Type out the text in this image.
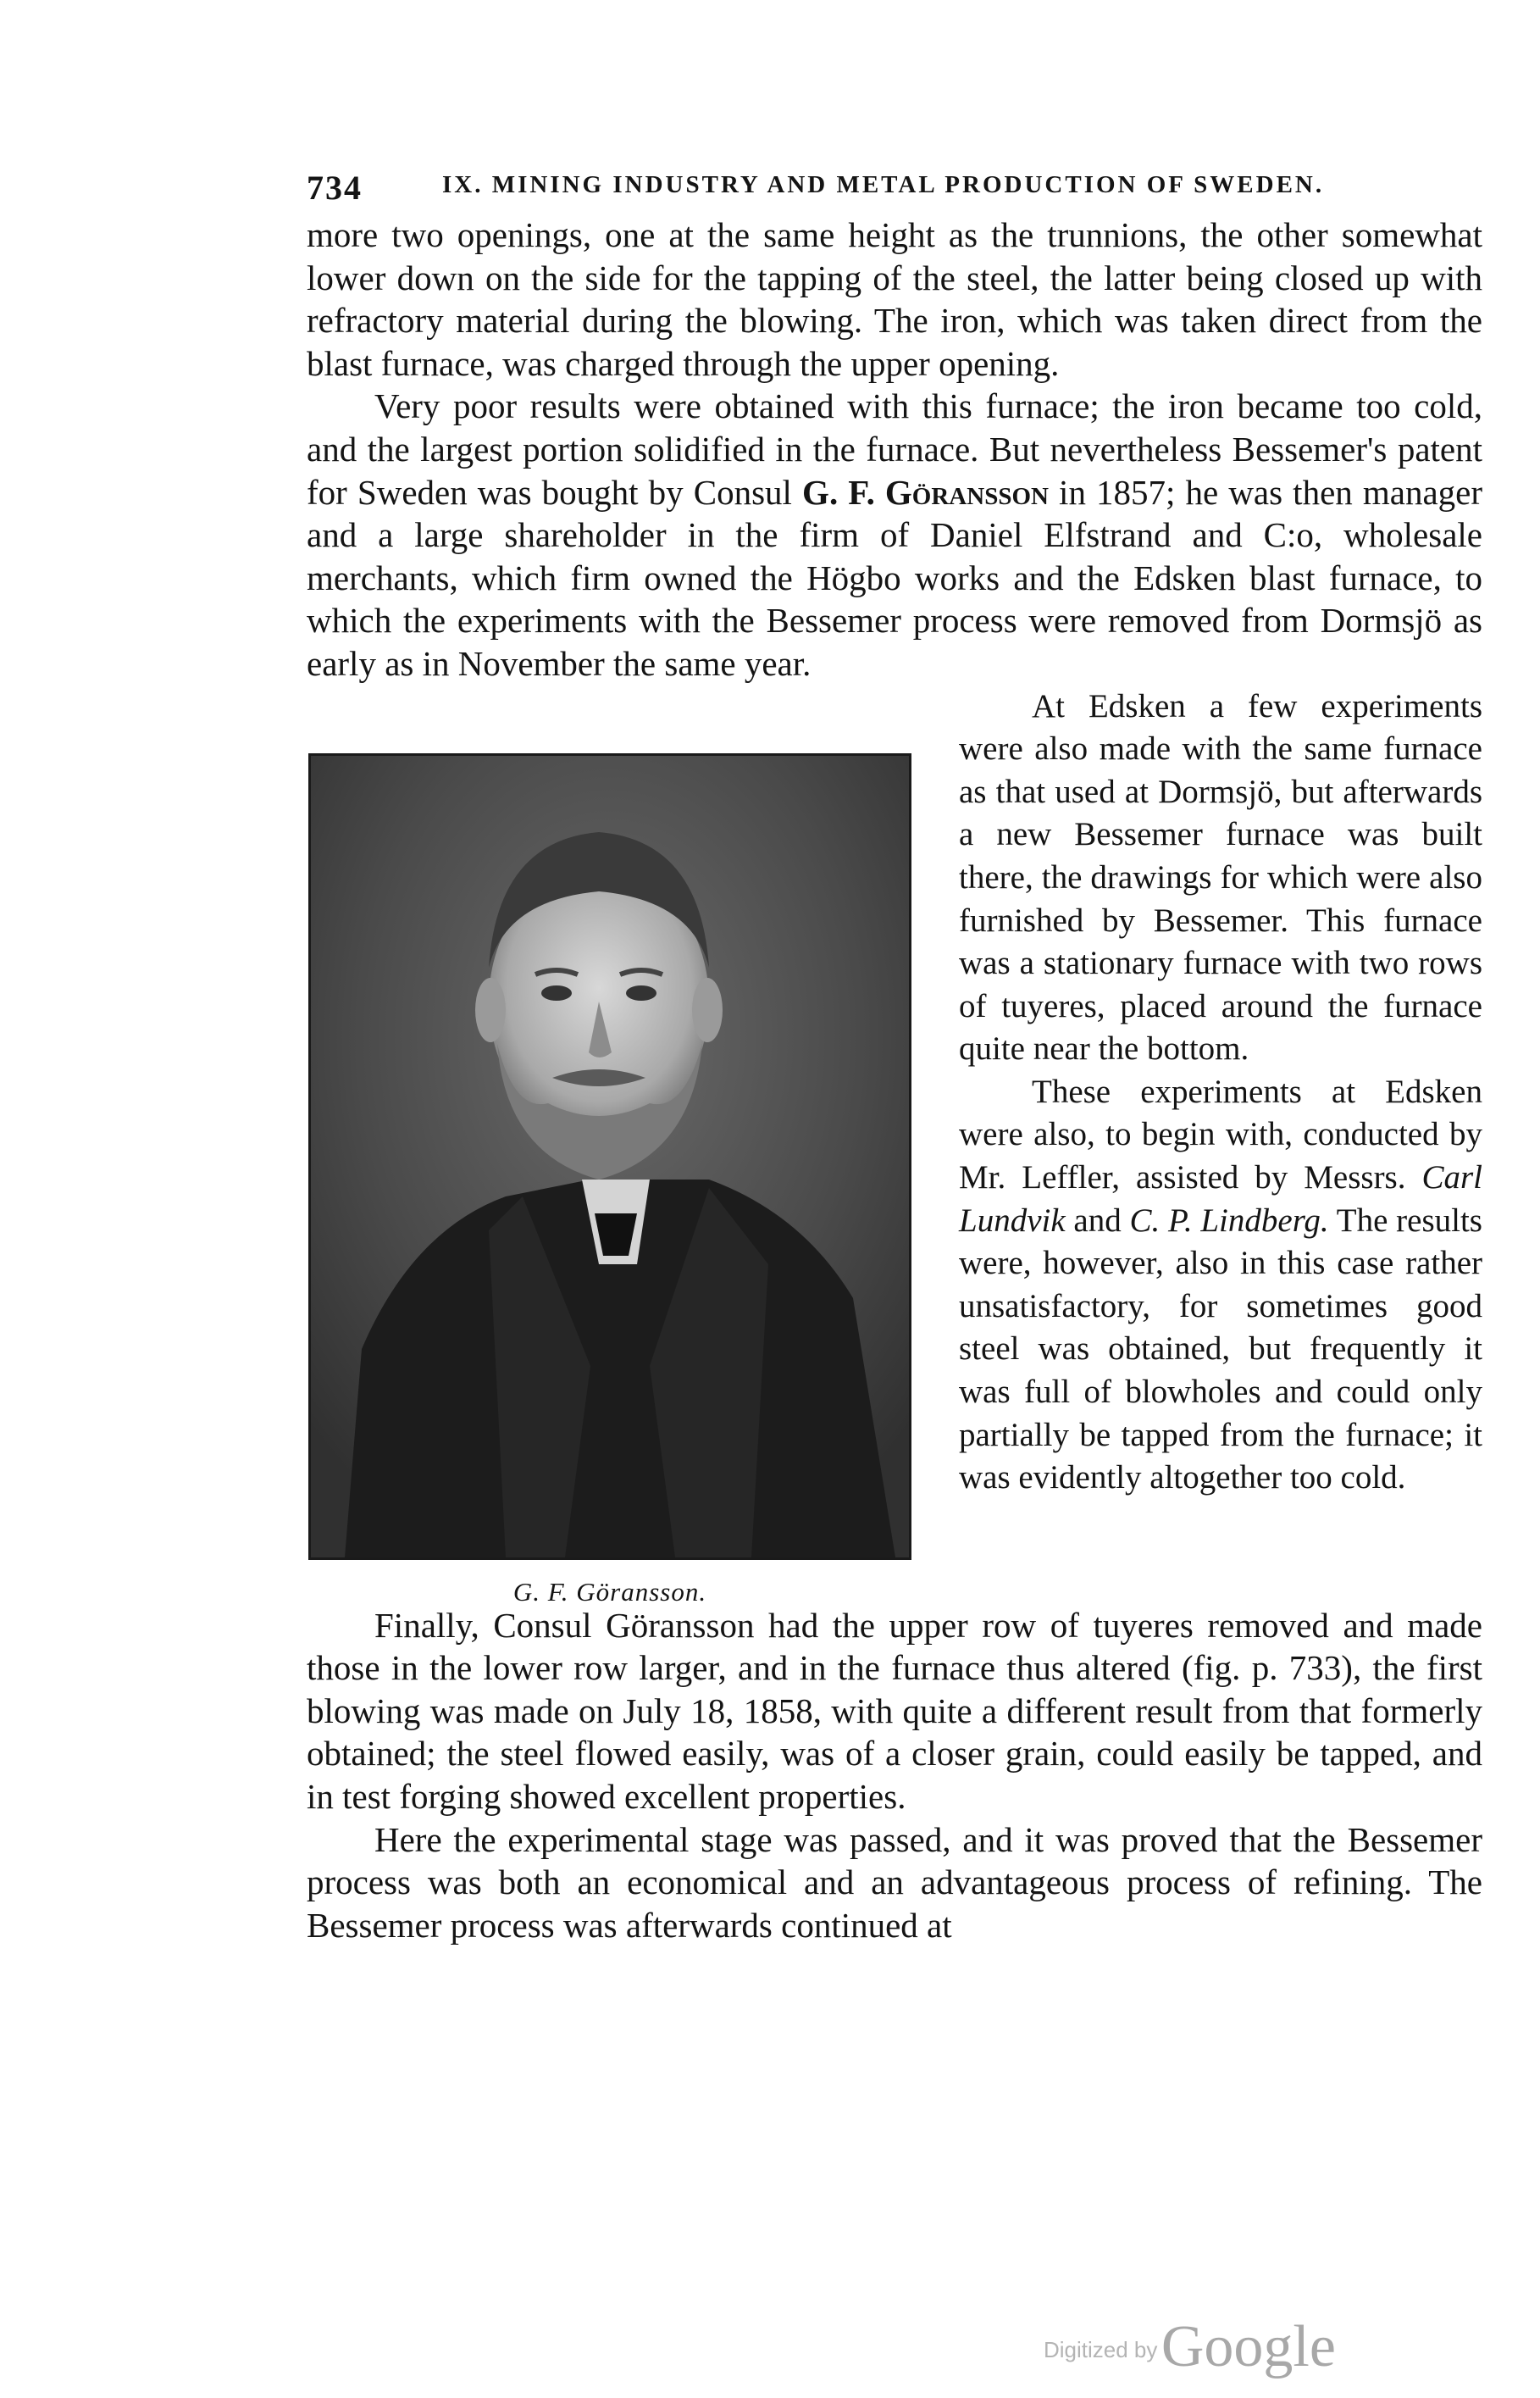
734	IX. MINING INDUSTRY AND METAL PRODUCTION OF SWEDEN.

more two openings, one at the same height as the trunnions, the other somewhat lower down on the side for the tapping of the steel, the latter being closed up with refractory material during the blowing. The iron, which was taken direct from the blast furnace, was charged through the upper opening.

Very poor results were obtained with this furnace; the iron became too cold, and the largest portion solidified in the furnace. But nevertheless Bessemer's patent for Sweden was bought by Consul G. F. Göransson in 1857; he was then manager and a large shareholder in the firm of Daniel Elfstrand and C:o, wholesale merchants, which firm owned the Högbo works and the Edsken blast furnace, to which the experiments with the Bessemer process were removed from Dormsjö as early as in November the same year.

G. F. Göransson.

At Edsken a few experiments were also made with the same furnace as that used at Dormsjö, but afterwards a new Bessemer furnace was built there, the drawings for which were also furnished by Bessemer. This furnace was a stationary furnace with two rows of tuyeres, placed around the furnace quite near the bottom.

These experiments at Edsken were also, to begin with, conducted by Mr. Leffler, assisted by Messrs. Carl Lundvik and C. P. Lindberg. The results were, however, also in this case rather unsatisfactory, for sometimes good steel was obtained, but frequently it was full of blowholes and could only partially be tapped from the furnace; it was evidently altogether too cold.

Finally, Consul Göransson had the upper row of tuyeres removed and made those in the lower row larger, and in the furnace thus altered (fig. p. 733), the first blowing was made on July 18, 1858, with quite a different result from that formerly obtained; the steel flowed easily, was of a closer grain, could easily be tapped, and in test forging showed excellent properties.

Here the experimental stage was passed, and it was proved that the Bessemer process was both an economical and an advantageous process of refining. The Bessemer process was afterwards continued at

Digitized by Google
